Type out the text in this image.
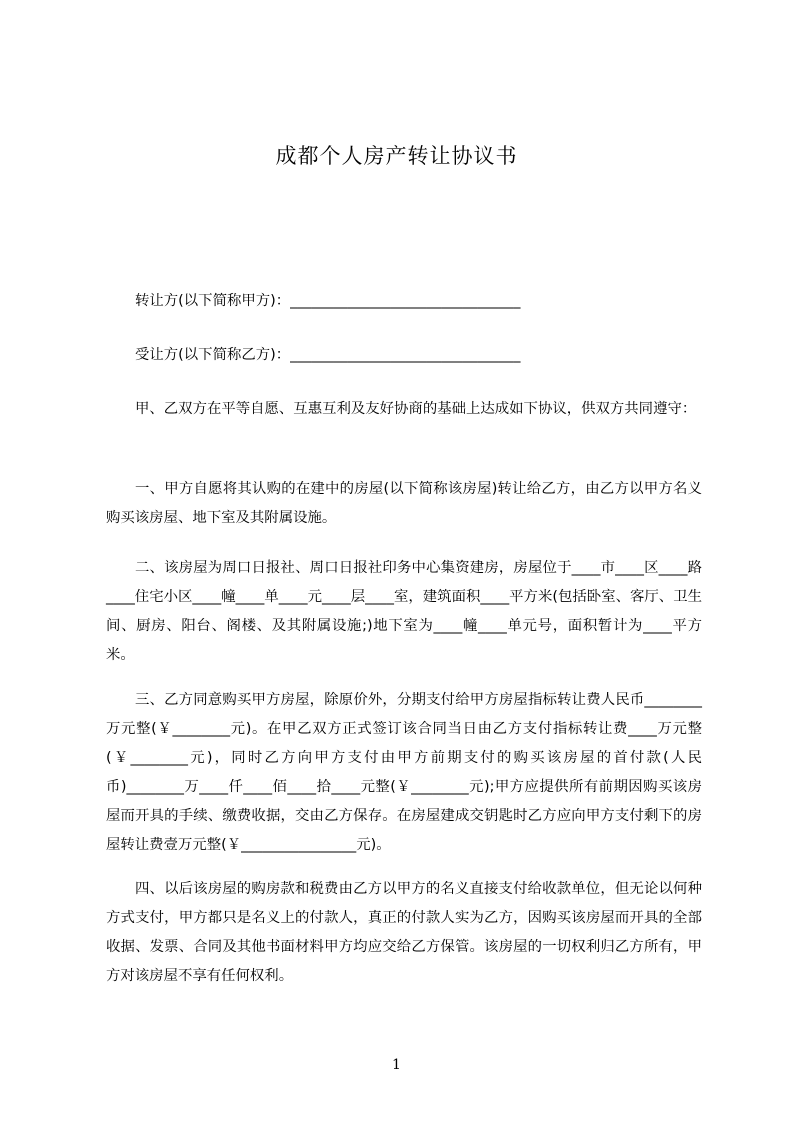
成都个人房产转让协议书
转让方(以下简称甲方)：________________________________
受让方(以下简称乙方)：________________________________
甲、乙双方在平等自愿、互惠互利及友好协商的基础上达成如下协议，供双方共同遵守：
一、甲方自愿将其认购的在建中的房屋(以下简称该房屋)转让给乙方，由乙方以甲方名义购买该房屋、地下室及其附属设施。
二、该房屋为周口日报社、周口日报社印务中心集资建房，房屋位于____市____区____路____住宅小区____幢____单____元____层____室，建筑面积____平方米(包括卧室、客厅、卫生间、厨房、阳台、阁楼、及其附属设施;)地下室为____幢____单元号，面积暂计为____平方米。
三、乙方同意购买甲方房屋，除原价外，分期支付给甲方房屋指标转让费人民币________万元整(￥________元)。在甲乙双方正式签订该合同当日由乙方支付指标转让费____万元整(￥________元)，同时乙方向甲方支付由甲方前期支付的购买该房屋的首付款(人民币)________万____仟____佰____拾____元整(￥________元);甲方应提供所有前期因购买该房屋而开具的手续、缴费收据，交由乙方保存。在房屋建成交钥匙时乙方应向甲方支付剩下的房屋转让费壹万元整(￥________________元)。
四、以后该房屋的购房款和税费由乙方以甲方的名义直接支付给收款单位，但无论以何种方式支付，甲方都只是名义上的付款人，真正的付款人实为乙方，因购买该房屋而开具的全部收据、发票、合同及其他书面材料甲方均应交给乙方保管。该房屋的一切权利归乙方所有，甲方对该房屋不享有任何权利。
1
